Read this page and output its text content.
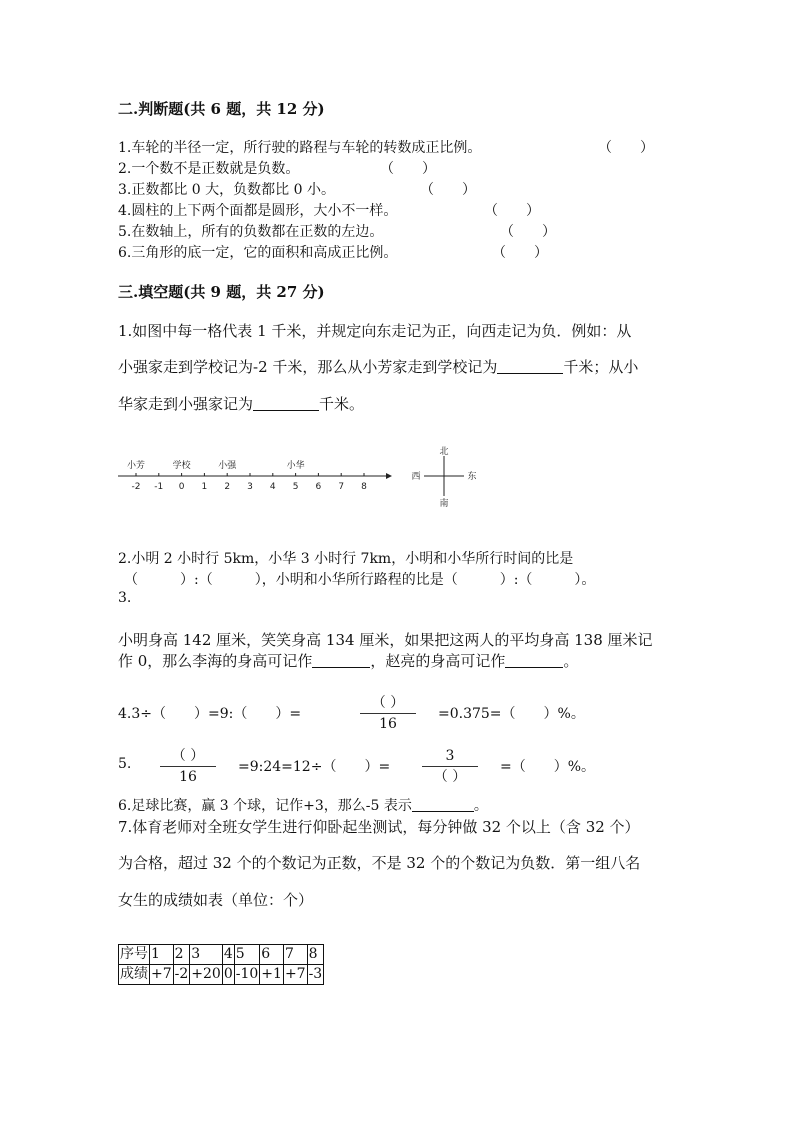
二.判断题(共 6 题，共 12 分)
1.车轮的半径一定，所行驶的路程与车轮的转数成正比例。	（　　）
2.一个数不是正数就是负数。	（　　）
3.正数都比 0 大，负数都比 0 小。	（　　）
4.圆柱的上下两个面都是圆形，大小不一样。	（　　）
5.在数轴上，所有的负数都在正数的左边。	（　　）
6.三角形的底一定，它的面积和高成正比例。	（　　）
三.填空题(共 9 题，共 27 分)
1.如图中每一格代表 1 千米，并规定向东走记为正，向西走记为负．例如：从
小强家走到学校记为-2 千米，那么从小芳家走到学校记为	千米；从小
华家走到小强家记为	千米。
-2 -1 0 1 2 3 4 5 6 7 8
小芳	学校	小强	小华
北
南
西	东
2.小明 2 小时行 5km，小华 3 小时行 7km，小明和小华所行时间的比是
（　　　）:（　　　），小明和小华所行路程的比是（　　　）:（　　　）。
3.
小明身高 142 厘米，笑笑身高 134 厘米，如果把这两人的平均身高 138 厘米记
作 0，那么李海的身高可记作	，赵亮的身高可记作	。
4.3÷（　　）=9:（　　）=
（ ）
16
=0.375=（　　）%。
5.	（ ）
16
=9:24=12÷（　　）=
3
（ ）
=（　　）%。
6.足球比赛，赢 3 个球，记作+3，那么-5 表示	。
7.体育老师对全班女学生进行仰卧起坐测试，每分钟做 32 个以上（含 32 个）
为合格，超过 32 个的个数记为正数，不是 32 个的个数记为负数．第一组八名
女生的成绩如表（单位：个）
序号	1	2	3	4	5	6	7	8
成绩	+7	-2	+20	0	-10	+1	+7	-3
